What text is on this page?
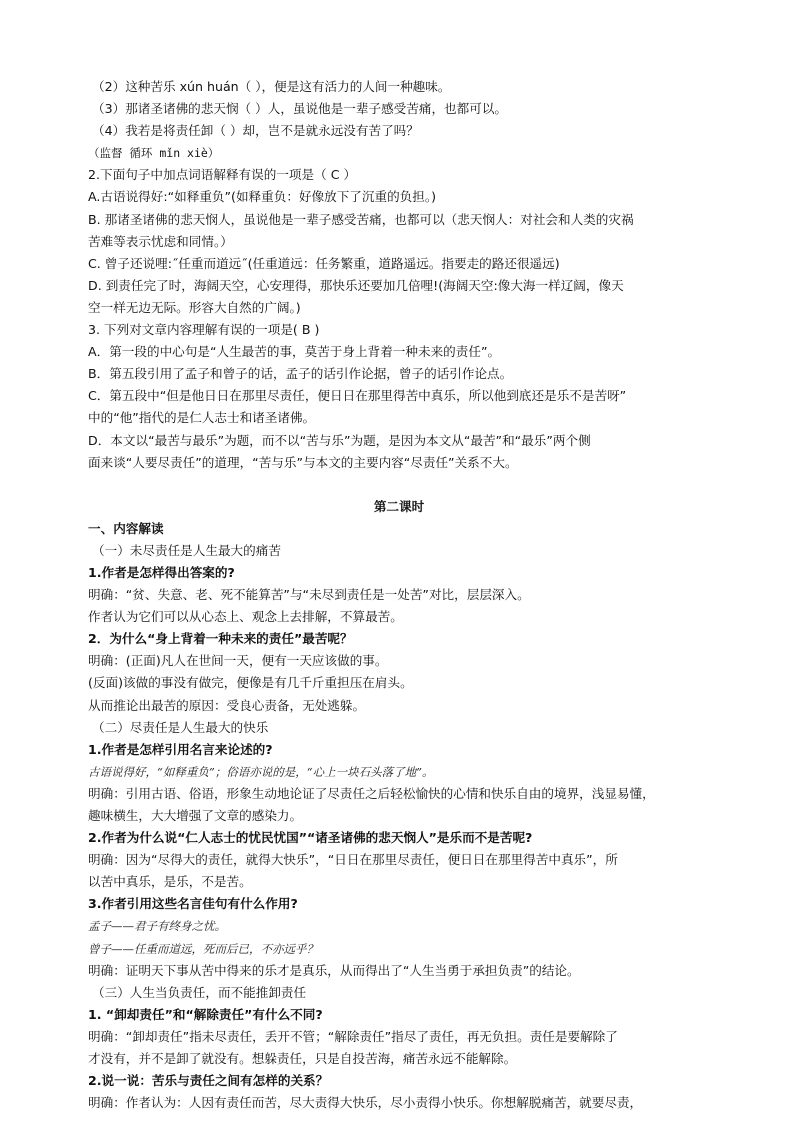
（2）这种苦乐 xún huán（ ），便是这有活力的人间一种趣味。
（3）那诸圣诸佛的悲天悯（ ）人，虽说他是一辈子感受苦痛，也都可以。
（4）我若是将责任卸（ ）却，岂不是就永远没有苦了吗？
（监督 循环 mǐn xiè）
2.下面句子中加点词语解释有误的一项是（ C ）
A.古语说得好:“如释重负”(如释重负：好像放下了沉重的负担。)
B. 那诸圣诸佛的悲天悯人，虽说他是一辈子感受苦痛，也都可以（悲天悯人：对社会和人类的灾祸
苦难等表示忧虑和同情。）
C. 曾子还说哩:˝任重而道远˝(任重道远：任务繁重，道路遥远。指要走的路还很遥远)
D. 到责任完了时，海阔天空，心安理得，那快乐还要加几倍哩!(海阔天空:像大海一样辽阔，像天
空一样无边无际。形容大自然的广阔。)
3. 下列对文章内容理解有误的一项是( B )
A．第一段的中心句是“人生最苦的事，莫苦于身上背着一种未来的责任”。
B．第五段引用了孟子和曾子的话，孟子的话引作论据，曾子的话引作论点。
C．第五段中“但是他日日在那里尽责任，便日日在那里得苦中真乐，所以他到底还是乐不是苦呀”
中的“他”指代的是仁人志士和诸圣诸佛。
D．本文以“最苦与最乐”为题，而不以“苦与乐”为题，是因为本文从“最苦”和“最乐”两个侧
面来谈“人要尽责任”的道理，“苦与乐”与本文的主要内容“尽责任”关系不大。
第二课时
一、内容解读
（一）未尽责任是人生最大的痛苦
1.作者是怎样得出答案的?
明确：“贫、失意、老、死不能算苦”与“未尽到责任是一处苦”对比，层层深入。
作者认为它们可以从心态上、观念上去排解，不算最苦。
2．为什么“身上背着一种未来的责任”最苦呢？
明确：(正面)凡人在世间一天，便有一天应该做的事。
(反面)该做的事没有做完，便像是有几千斤重担压在肩头。
从而推论出最苦的原因：受良心责备，无处逃躲。
（二）尽责任是人生最大的快乐
1.作者是怎样引用名言来论述的?
古语说得好，“如释重负”；俗语亦说的是，“心上一块石头落了地”。
明确：引用古语、俗语，形象生动地论证了尽责任之后轻松愉快的心情和快乐自由的境界，浅显易懂，
趣味横生，大大增强了文章的感染力。
2.作者为什么说“仁人志士的忧民忧国”“诸圣诸佛的悲天悯人”是乐而不是苦呢?
明确：因为“尽得大的责任，就得大快乐”，“日日在那里尽责任，便日日在那里得苦中真乐”，所
以苦中真乐，是乐，不是苦。
3.作者引用这些名言佳句有什么作用?
孟子——君子有终身之忧。
曾子——任重而道远，死而后已，不亦远乎？
明确：证明天下事从苦中得来的乐才是真乐，从而得出了“人生当勇于承担负责”的结论。
（三）人生当负责任，而不能推卸责任
1. “卸却责任”和“解除责任”有什么不同?
明确：“卸却责任”指未尽责任，丢开不管；“解除责任”指尽了责任，再无负担。责任是要解除了
才没有，并不是卸了就没有。想躲责任，只是自投苦海，痛苦永远不能解除。
2.说一说：苦乐与责任之间有怎样的关系？
明确：作者认为：人因有责任而苦，尽大责得大快乐，尽小责得小快乐。你想解脱痛苦，就要尽责，
